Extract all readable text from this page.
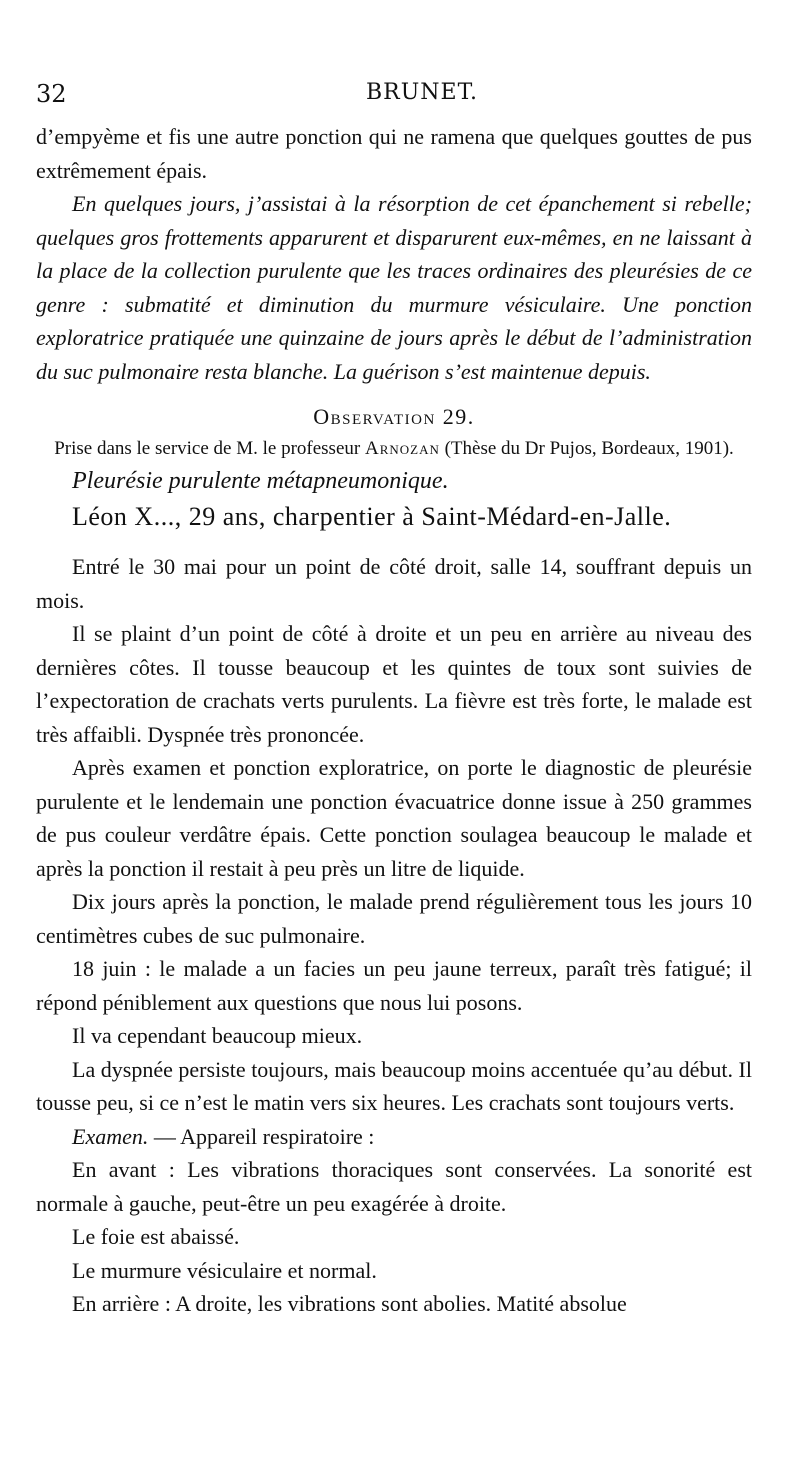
32	BRUNET.

d’empyème et fis une autre ponction qui ne ramena que quelques gouttes de pus extrêmement épais.

En quelques jours, j’assistai à la résorption de cet épanchement si rebelle; quelques gros frottements apparurent et disparurent eux-mêmes, en ne laissant à la place de la collection purulente que les traces ordinaires des pleurésies de ce genre : submatité et diminution du murmure vésiculaire. Une ponction exploratrice pratiquée une quinzaine de jours après le début de l’administration du suc pulmonaire resta blanche. La guérison s’est maintenue depuis.

Observation 29.
Prise dans le service de M. le professeur Arnozan (Thèse du Dr Pujos, Bordeaux, 1901).

Pleurésie purulente métapneumonique.

Léon X..., 29 ans, charpentier à Saint-Médard-en-Jalle.

Entré le 30 mai pour un point de côté droit, salle 14, souffrant depuis un mois.

Il se plaint d’un point de côté à droite et un peu en arrière au niveau des dernières côtes. Il tousse beaucoup et les quintes de toux sont suivies de l’expectoration de crachats verts purulents. La fièvre est très forte, le malade est très affaibli. Dyspnée très prononcée.

Après examen et ponction exploratrice, on porte le diagnostic de pleurésie purulente et le lendemain une ponction évacuatrice donne issue à 250 grammes de pus couleur verdâtre épais. Cette ponction soulagea beaucoup le malade et après la ponction il restait à peu près un litre de liquide.

Dix jours après la ponction, le malade prend régulièrement tous les jours 10 centimètres cubes de suc pulmonaire.

18 juin : le malade a un facies un peu jaune terreux, paraît très fatigué; il répond péniblement aux questions que nous lui posons.

Il va cependant beaucoup mieux.

La dyspnée persiste toujours, mais beaucoup moins accentuée qu’au début. Il tousse peu, si ce n’est le matin vers six heures. Les crachats sont toujours verts.

Examen. — Appareil respiratoire :

En avant : Les vibrations thoraciques sont conservées. La sonorité est normale à gauche, peut-être un peu exagérée à droite.

Le foie est abaissé.

Le murmure vésiculaire et normal.

En arrière : A droite, les vibrations sont abolies. Matité absolue
